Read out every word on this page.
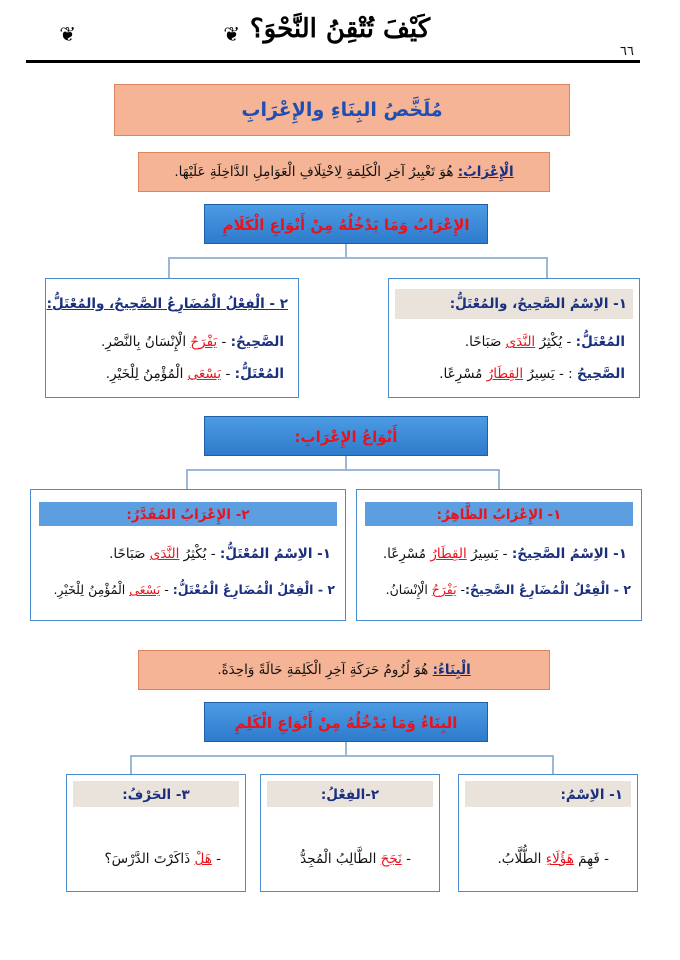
❦	كَيْفَ تُتْقِنُ النَّحْوَ؟
❦
٦٦
مُلَخَّصُ البِنَاءِ والإِعْرَابِ
الْإِعْرَابُ: هُوَ تَغْيِيرُ آخِرِ الْكَلِمَةِ لِاخْتِلَافِ الْعَوَامِلِ الدَّاخِلَةِ عَلَيْهَا.
الإِعْرَابُ وَمَا يَدْخُلُهُ مِنْ أَنْوَاعِ الْكَلَامِ
١- الاِسْمُ الصَّحِيحُ، والمُعْتَلُّ:
المُعْتَلُّ: - يُكْثِرُ النَّدَى صَبَاحًا.
الصَّحِيحُ : - يَسِيرُ القِطَارُ مُسْرِعًا.
٢ - الْفِعْلُ الْمُضَارِعُ الصَّحِيحُ، والمُعْتَلُّ:
الصَّحِيحُ: - يَفْرَحُ الْإِنْسَانُ بِالنَّصْرِ.
المُعْتَلُّ: - يَسْعَى الْمُؤْمِنُ لِلْخَيْرِ.
أَنْوَاعُ الإِعْرَابِ:
١- الإِعْرَابُ الظَّاهِرُ:
١- الاِسْمُ الصَّحِيحُ: - يَسِيرُ القِطَارُ مُسْرِعًا.
٢ - الْفِعْلُ الْمُضَارِعُ الصَّحِيحُ:- يَفْرَحُ الْإِنْسَانُ.
٢- الإِعْرَابُ المُقَدَّرُ:
١- الاِسْمُ المُعْتَلُّ: - يُكْثِرُ النَّدَى صَبَاحًا.
٢ - الْفِعْلُ الْمُضَارِعُ الْمُعْتَلُّ: - يَسْعَى الْمُؤْمِنُ لِلْخَيْرِ.
الْبِنَاءُ: هُوَ لُزُومُ حَرَكَةِ آخِرِ الْكَلِمَةِ حَالَةً وَاحِدَةً.
البِنَاءُ وَمَا يَدْخُلُهُ مِنْ أَنْوَاعِ الْكَلِمِ
١- الاِسْمُ:
- فَهِمَ هَؤُلَاءِ الطُّلَّابُ.
٢-الفِعْلُ:
- نَجَحَ الطَّالِبُ الْمُجِدُّ
٣- الحَرْفُ:
- هَلْ ذَاكَرْتَ الدَّرْسَ؟
